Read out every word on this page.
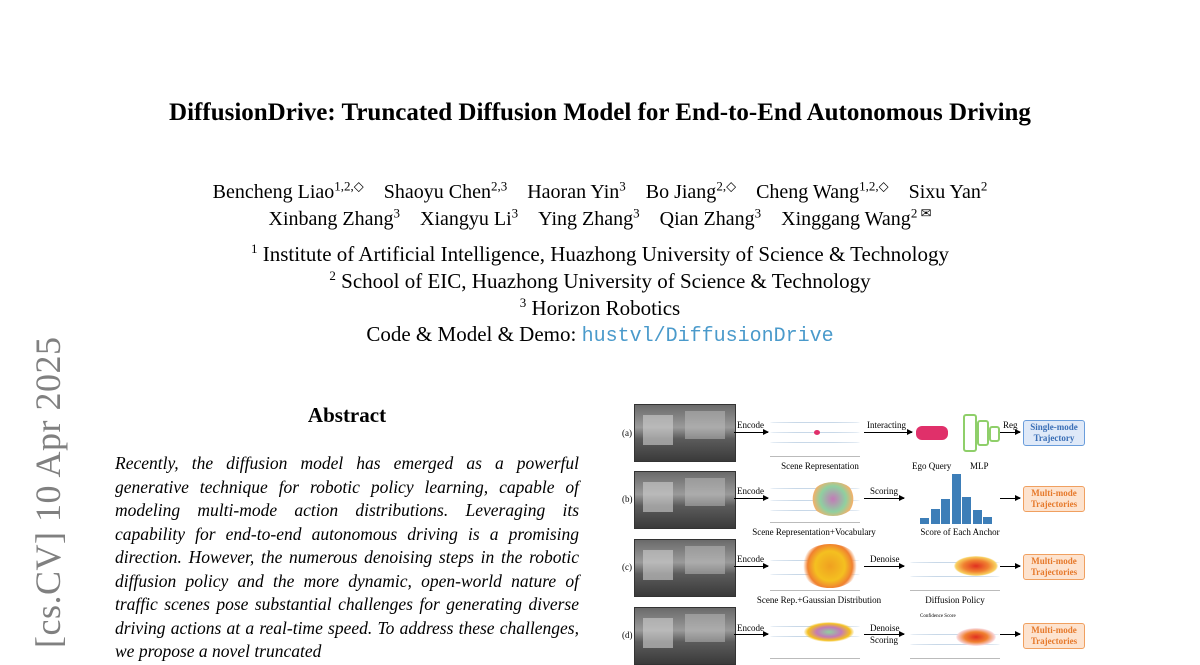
[cs.CV] 10 Apr 2025
DiffusionDrive: Truncated Diffusion Model for End-to-End Autonomous Driving
Bencheng Liao$^{1,2,◇}$ Shaoyu Chen$^{2,3}$ Haoran Yin$^3$ Bo Jiang$^{2,◇}$ Cheng Wang$^{1,2,◇}$ Sixu Yan$^2$
Xinbang Zhang$^3$ Xiangyu Li$^3$ Ying Zhang$^3$ Qian Zhang$^3$ Xinggang Wang$^{2 ✉}$
$^1$ Institute of Artificial Intelligence, Huazhong University of Science & Technology
$^2$ School of EIC, Huazhong University of Science & Technology
$^3$ Horizon Robotics
Code & Model & Demo: hustvl/DiffusionDrive
Abstract
Recently, the diffusion model has emerged as a powerful generative technique for robotic policy learning, capable of modeling multi-mode action distributions. Leveraging its capability for end-to-end autonomous driving is a promising direction. However, the numerous denoising steps in the robotic diffusion policy and the more dynamic, open-world nature of traffic scenes pose substantial challenges for generating diverse driving actions at a real-time speed. To address these challenges, we propose a novel truncated
(a)
(b)
(c)
(d)
Encode
Scene Representation
Interacting
Ego Query MLP
Reg	Single-mode
Trajectory
Encode
Scene Representation+Vocabulary
Scoring
Score of Each Anchor
Multi-mode
Trajectories
Encode
Scene Rep.+Gaussian Distribution
Denoise
Diffusion Policy
Multi-mode
Trajectories
Encode	Denoise
Scoring
Confidence Score
Multi-mode
Trajectories
